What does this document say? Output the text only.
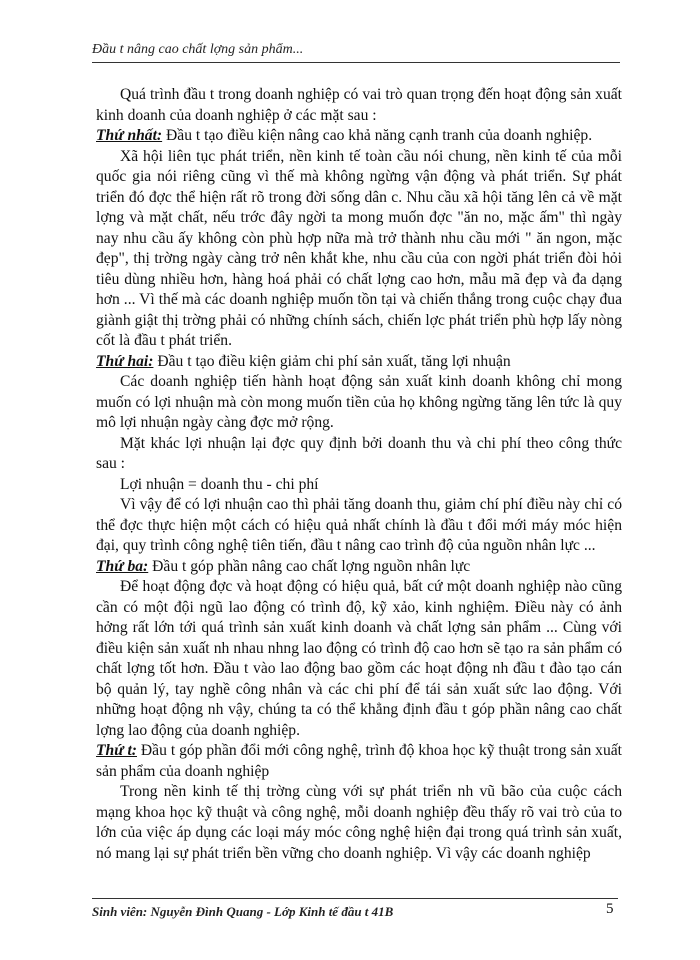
Đầu t nâng cao chất lợng sản phẩm...

Quá trình đầu t trong doanh nghiệp có vai trò quan trọng đến hoạt động sản xuất kinh doanh của doanh nghiệp ở các mặt sau :

Thứ nhất: Đầu t tạo điều kiện nâng cao khả năng cạnh tranh của doanh nghiệp.

Xã hội liên tục phát triển, nền kinh tế toàn cầu nói chung, nền kinh tế của mỗi quốc gia nói riêng cũng vì thế mà không ngừng vận động và phát triển. Sự phát triển đó đợc thể hiện rất rõ trong đời sống dân c. Nhu cầu xã hội tăng lên cả về mặt lợng và mặt chất, nếu trớc đây ngời ta mong muốn đợc "ăn no, mặc ấm" thì ngày nay nhu cầu ấy không còn phù hợp nữa mà trở thành nhu cầu mới " ăn ngon, mặc đẹp", thị trờng ngày càng trở nên khắt khe, nhu cầu của con ngời phát triển đòi hỏi tiêu dùng nhiều hơn, hàng hoá phải có chất lợng cao hơn, mẫu mã đẹp và đa dạng hơn ... Vì thế mà các doanh nghiệp muốn tồn tại và chiến thắng trong cuộc chạy đua giành giật thị trờng phải có những chính sách, chiến lợc phát triển phù hợp lấy nòng cốt là đầu t phát triển.

Thứ hai: Đầu t tạo điều kiện giảm chi phí sản xuất, tăng lợi nhuận

Các doanh nghiệp tiến hành hoạt động sản xuất kinh doanh không chỉ mong muốn có lợi nhuận mà còn mong muốn tiền của họ không ngừng tăng lên tức là quy mô lợi nhuận ngày càng đợc mở rộng.

Mặt khác lợi nhuận lại đợc quy định bởi doanh thu và chi phí theo công thức sau :

Lợi nhuận = doanh thu - chi phí

Vì vậy để có lợi nhuận cao thì phải tăng doanh thu, giảm chí phí điều này chỉ có thể đợc thực hiện một cách có hiệu quả nhất chính là đầu t đổi mới máy móc hiện đại, quy trình công nghệ tiên tiến, đầu t nâng cao trình độ của nguồn nhân lực ...

Thứ ba: Đầu t góp phần nâng cao chất lợng nguồn nhân lực

Để hoạt động đợc và hoạt động có hiệu quả, bất cứ một doanh nghiệp nào cũng cần có một đội ngũ lao động có trình độ, kỹ xảo, kinh nghiệm. Điều này có ảnh hởng rất lớn tới quá trình sản xuất kinh doanh và chất lợng sản phẩm ... Cùng với điều kiện sản xuất nh nhau nhng lao động có trình độ cao hơn sẽ tạo ra sản phẩm có chất lợng tốt hơn. Đầu t vào lao động bao gồm các hoạt động nh đầu t đào tạo cán bộ quản lý, tay nghề công nhân và các chi phí để tái sản xuất sức lao động. Với những hoạt động nh vậy, chúng ta có thể khẳng định đầu t góp phần nâng cao chất lợng lao động của doanh nghiệp.

Thứ t: Đầu t góp phần đổi mới công nghệ, trình độ khoa học kỹ thuật trong sản xuất sản phẩm của doanh nghiệp

Trong nền kinh tế thị trờng cùng với sự phát triển nh vũ bão của cuộc cách mạng khoa học kỹ thuật và công nghệ, mỗi doanh nghiệp đều thấy rõ vai trò của to lớn của việc áp dụng các loại máy móc công nghệ hiện đại trong quá trình sản xuất, nó mang lại sự phát triển bền vững cho doanh nghiệp. Vì vậy các doanh nghiệp

Sinh viên: Nguyễn Đình Quang - Lớp Kinh tế đầu t 41B	5
